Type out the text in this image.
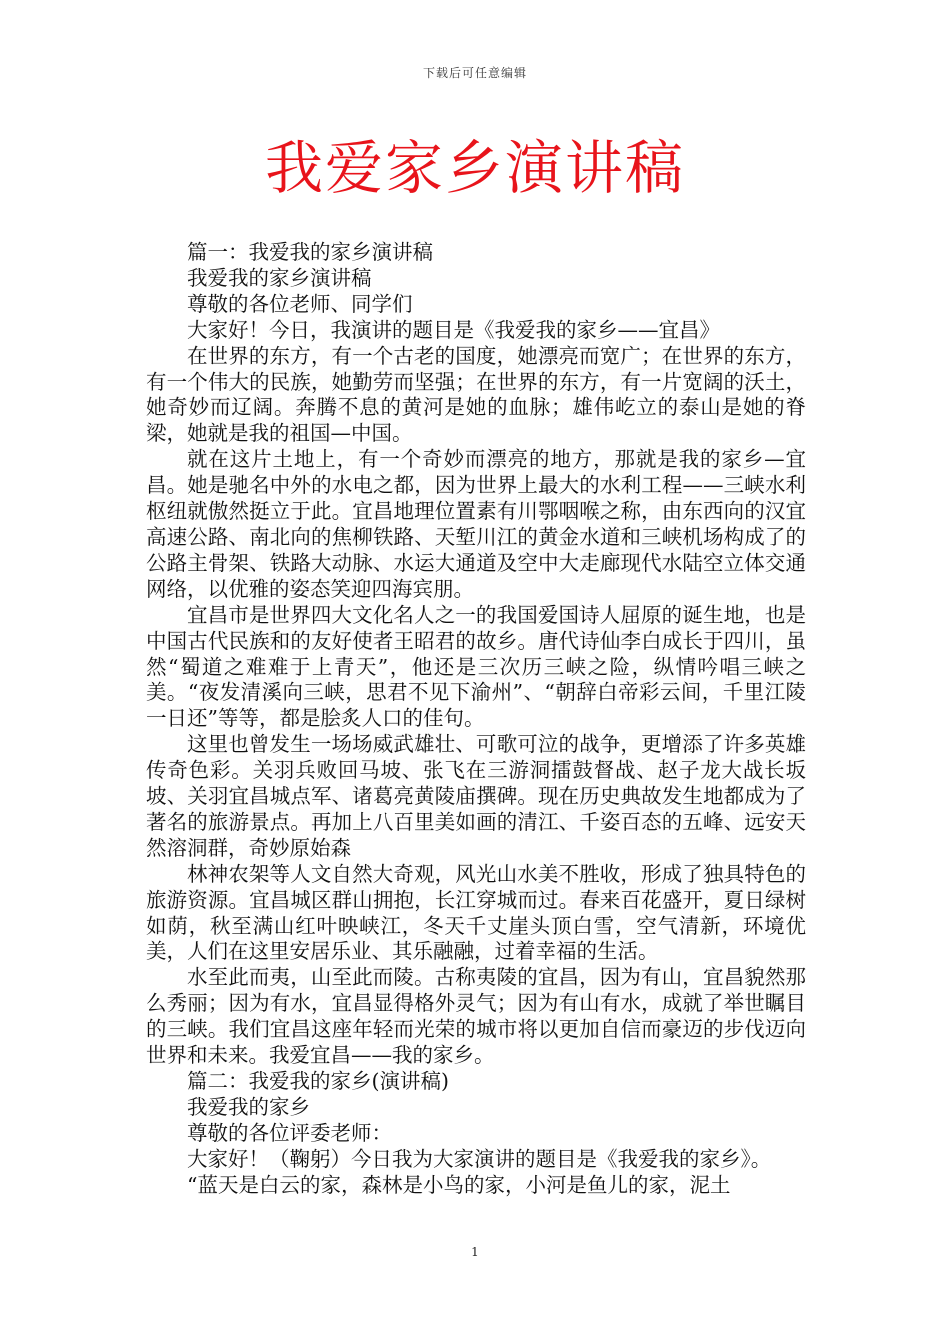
下载后可任意编辑
我爱家乡演讲稿

篇一：我爱我的家乡演讲稿

我爱我的家乡演讲稿

尊敬的各位老师、同学们

大家好！今日，我演讲的题目是《我爱我的家乡——宜昌》

在世界的东方，有一个古老的国度，她漂亮而宽广；在世界的东方，有一个伟大的民族，她勤劳而坚强；在世界的东方，有一片宽阔的沃土，她奇妙而辽阔。奔腾不息的黄河是她的血脉；雄伟屹立的泰山是她的脊梁，她就是我的祖国—中国。

就在这片土地上，有一个奇妙而漂亮的地方，那就是我的家乡—宜昌。她是驰名中外的水电之都，因为世界上最大的水利工程——三峡水利枢纽就傲然挺立于此。宜昌地理位置素有川鄂咽喉之称，由东西向的汉宜高速公路、南北向的焦柳铁路、天堑川江的黄金水道和三峡机场构成了的公路主骨架、铁路大动脉、水运大通道及空中大走廊现代水陆空立体交通网络，以优雅的姿态笑迎四海宾朋。

宜昌市是世界四大文化名人之一的我国爱国诗人屈原的诞生地，也是中国古代民族和的友好使者王昭君的故乡。唐代诗仙李白成长于四川，虽然“蜀道之难难于上青天”，他还是三次历三峡之险，纵情吟唱三峡之美。“夜发清溪向三峡，思君不见下渝州”、“朝辞白帝彩云间，千里江陵一日还”等等，都是脍炙人口的佳句。

这里也曾发生一场场威武雄壮、可歌可泣的战争，更增添了许多英雄传奇色彩。关羽兵败回马坡、张飞在三游洞擂鼓督战、赵子龙大战长坂坡、关羽宜昌城点军、诸葛亮黄陵庙撰碑。现在历史典故发生地都成为了著名的旅游景点。再加上八百里美如画的清江、千姿百态的五峰、远安天然溶洞群，奇妙原始森

林神农架等人文自然大奇观，风光山水美不胜收，形成了独具特色的旅游资源。宜昌城区群山拥抱，长江穿城而过。春来百花盛开，夏日绿树如荫，秋至满山红叶映峡江，冬天千丈崖头顶白雪，空气清新，环境优美，人们在这里安居乐业、其乐融融，过着幸福的生活。

水至此而夷，山至此而陵。古称夷陵的宜昌，因为有山，宜昌貌然那么秀丽；因为有水，宜昌显得格外灵气；因为有山有水，成就了举世瞩目的三峡。我们宜昌这座年轻而光荣的城市将以更加自信而豪迈的步伐迈向世界和未来。我爱宜昌——我的家乡。

篇二：我爱我的家乡(演讲稿)

我爱我的家乡

尊敬的各位评委老师：

大家好！（鞠躬）今日我为大家演讲的题目是《我爱我的家乡》。

“蓝天是白云的家，森林是小鸟的家，小河是鱼儿的家，泥土

1
